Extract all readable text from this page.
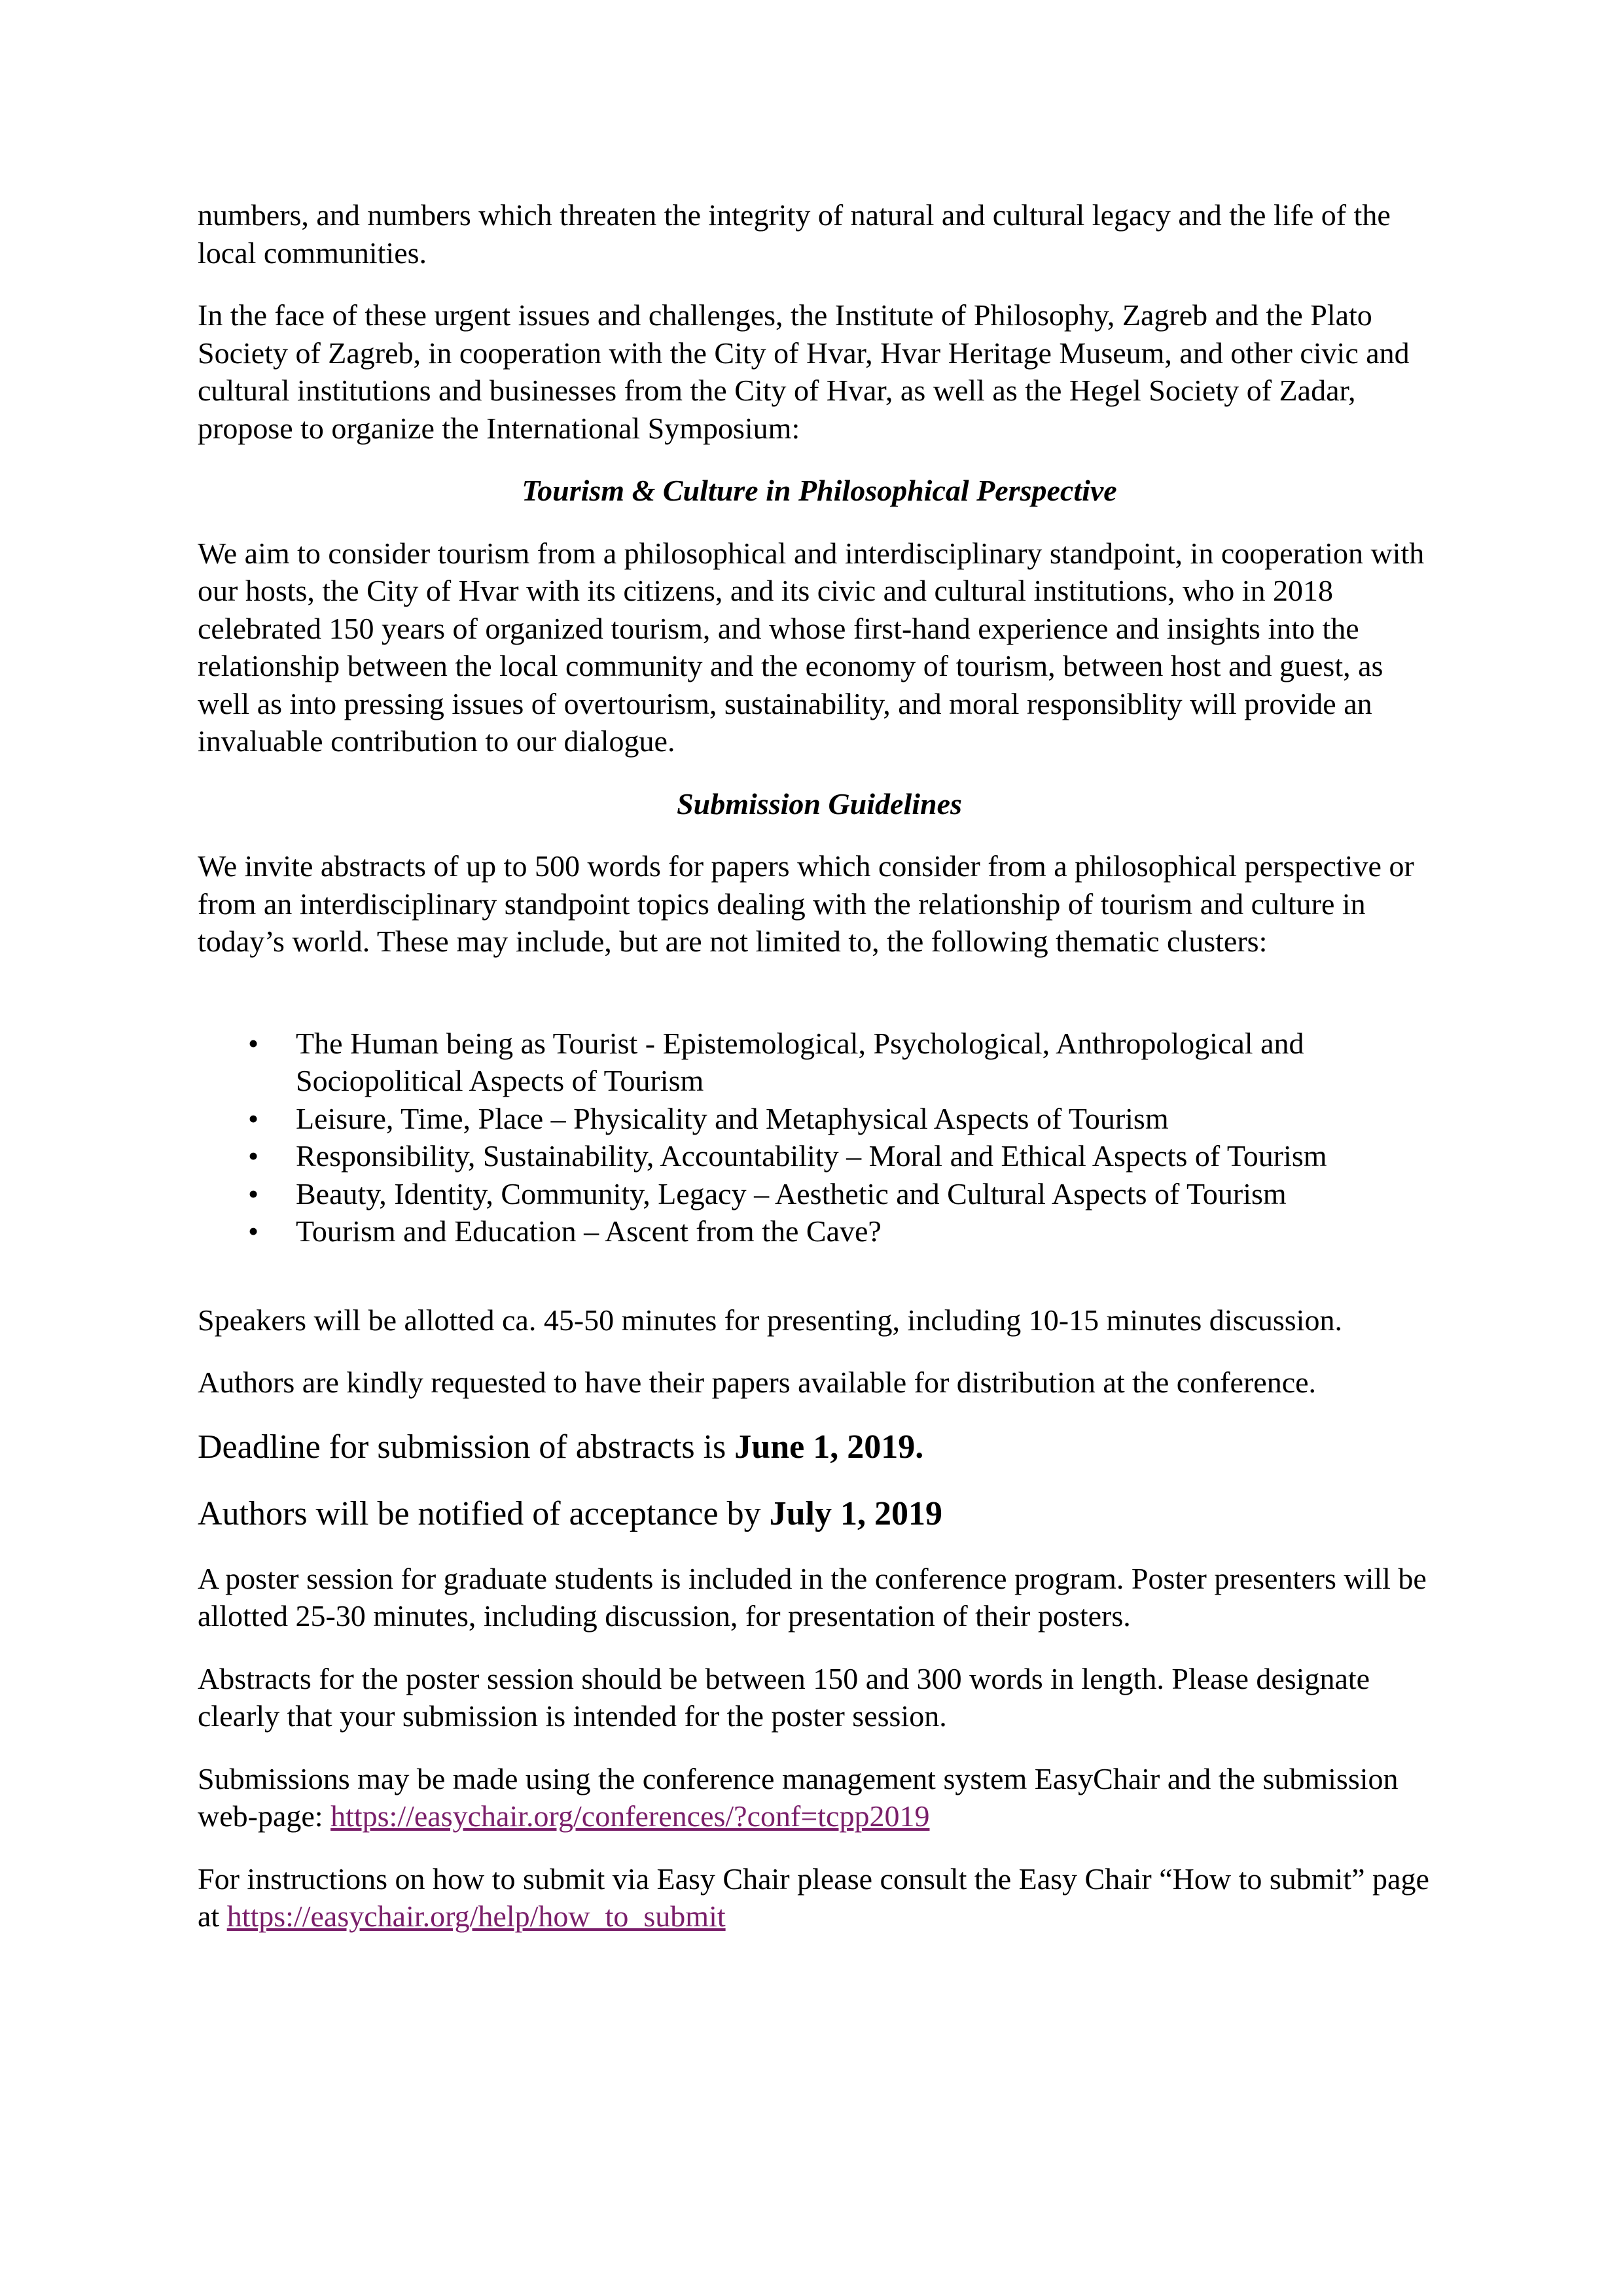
numbers, and numbers which threaten the integrity of natural and cultural legacy and the life of the local communities.

In the face of these urgent issues and challenges, the Institute of Philosophy, Zagreb and the Plato Society of Zagreb, in cooperation with the City of Hvar, Hvar Heritage Museum, and other civic and cultural institutions and businesses from the City of Hvar, as well as the Hegel Society of Zadar, propose to organize the International Symposium:

Tourism & Culture in Philosophical Perspective

We aim to consider tourism from a philosophical and interdisciplinary standpoint, in cooperation with our hosts, the City of Hvar with its citizens, and its civic and cultural institutions, who in 2018 celebrated 150 years of organized tourism, and whose first-hand experience and insights into the relationship between the local community and the economy of tourism, between host and guest, as well as into pressing issues of overtourism, sustainability, and moral responsiblity will provide an invaluable contribution to our dialogue.

Submission Guidelines

We invite abstracts of up to 500 words for papers which consider from a philosophical perspective or from an interdisciplinary standpoint topics dealing with the relationship of tourism and culture in today’s world. These may include, but are not limited to, the following thematic clusters:

• The Human being as Tourist - Epistemological, Psychological, Anthropological and Sociopolitical Aspects of Tourism
• Leisure, Time, Place – Physicality and Metaphysical Aspects of Tourism
• Responsibility, Sustainability, Accountability – Moral and Ethical Aspects of Tourism
• Beauty, Identity, Community, Legacy – Aesthetic and Cultural Aspects of Tourism
• Tourism and Education – Ascent from the Cave?

Speakers will be allotted ca. 45-50 minutes for presenting, including 10-15 minutes discussion.

Authors are kindly requested to have their papers available for distribution at the conference.

Deadline for submission of abstracts is June 1, 2019.

Authors will be notified of acceptance by July 1, 2019

A poster session for graduate students is included in the conference program. Poster presenters will be allotted 25-30 minutes, including discussion, for presentation of their posters.

Abstracts for the poster session should be between 150 and 300 words in length. Please designate clearly that your submission is intended for the poster session.

Submissions may be made using the conference management system EasyChair and the submission web-page: https://easychair.org/conferences/?conf=tcpp2019

For instructions on how to submit via Easy Chair please consult the Easy Chair “How to submit” page at https://easychair.org/help/how_to_submit
